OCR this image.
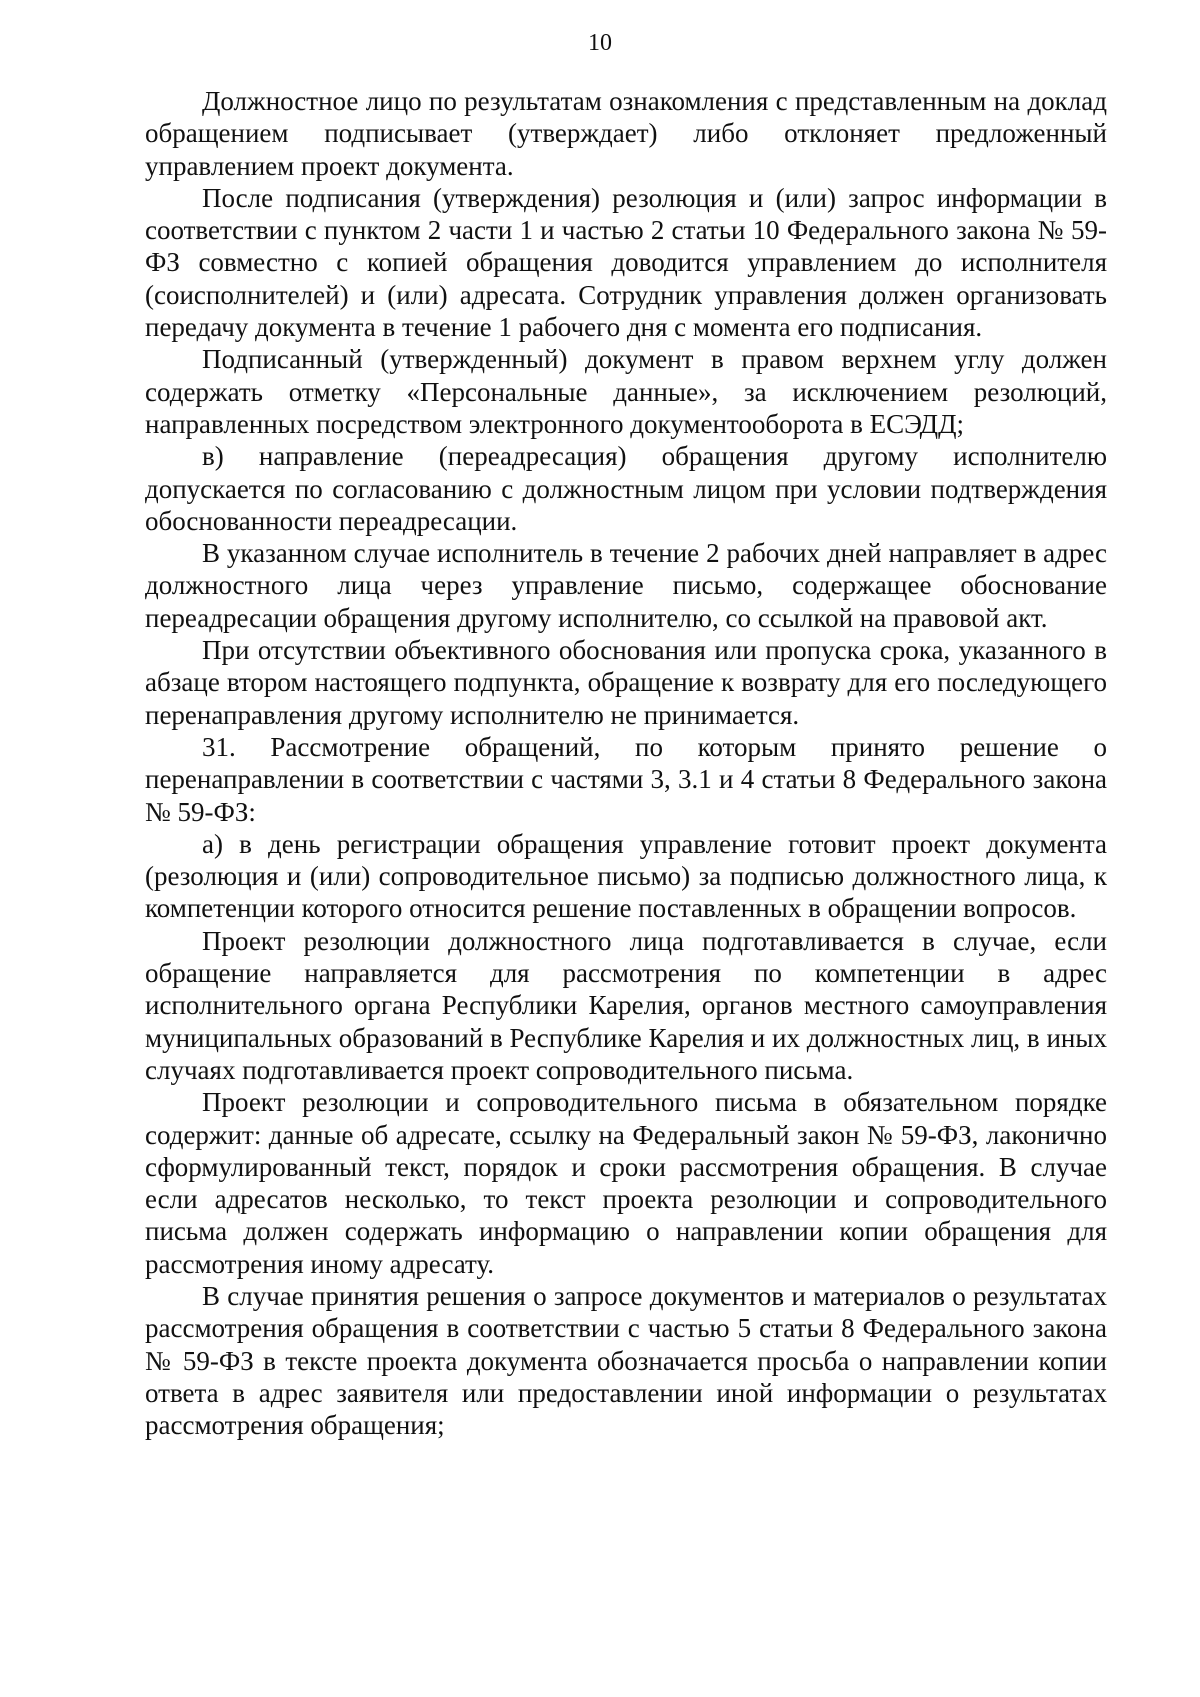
10

Должностное лицо по результатам ознакомления с представленным на доклад обращением подписывает (утверждает) либо отклоняет предложенный управлением проект документа.

После подписания (утверждения) резолюция и (или) запрос информации в соответствии с пунктом 2 части 1 и частью 2 статьи 10 Федерального закона № 59-ФЗ совместно с копией обращения доводится управлением до исполнителя (соисполнителей) и (или) адресата. Сотрудник управления должен организовать передачу документа в течение 1 рабочего дня с момента его подписания.

Подписанный (утвержденный) документ в правом верхнем углу должен содержать отметку «Персональные данные», за исключением резолюций, направленных посредством электронного документооборота в ЕСЭДД;

в) направление (переадресация) обращения другому исполнителю допускается по согласованию с должностным лицом при условии подтверждения обоснованности переадресации.

В указанном случае исполнитель в течение 2 рабочих дней направляет в адрес должностного лица через управление письмо, содержащее обоснование переадресации обращения другому исполнителю, со ссылкой на правовой акт.

При отсутствии объективного обоснования или пропуска срока, указанного в абзаце втором настоящего подпункта, обращение к возврату для его последующего перенаправления другому исполнителю не принимается.

31. Рассмотрение обращений, по которым принято решение о перенаправлении в соответствии с частями 3, 3.1 и 4 статьи 8 Федерального закона № 59-ФЗ:

а) в день регистрации обращения управление готовит проект документа (резолюция и (или) сопроводительное письмо) за подписью должностного лица, к компетенции которого относится решение поставленных в обращении вопросов.

Проект резолюции должностного лица подготавливается в случае, если обращение направляется для рассмотрения по компетенции в адрес исполнительного органа Республики Карелия, органов местного самоуправления муниципальных образований в Республике Карелия и их должностных лиц, в иных случаях подготавливается проект сопроводительного письма.

Проект резолюции и сопроводительного письма в обязательном порядке содержит: данные об адресате, ссылку на Федеральный закон № 59-ФЗ, лаконично сформулированный текст, порядок и сроки рассмотрения обращения. В случае если адресатов несколько, то текст проекта резолюции и сопроводительного письма должен содержать информацию о направлении копии обращения для рассмотрения иному адресату.

В случае принятия решения о запросе документов и материалов о результатах рассмотрения обращения в соответствии с частью 5 статьи 8 Федерального закона № 59-ФЗ в тексте проекта документа обозначается просьба о направлении копии ответа в адрес заявителя или предоставлении иной информации о результатах рассмотрения обращения;
